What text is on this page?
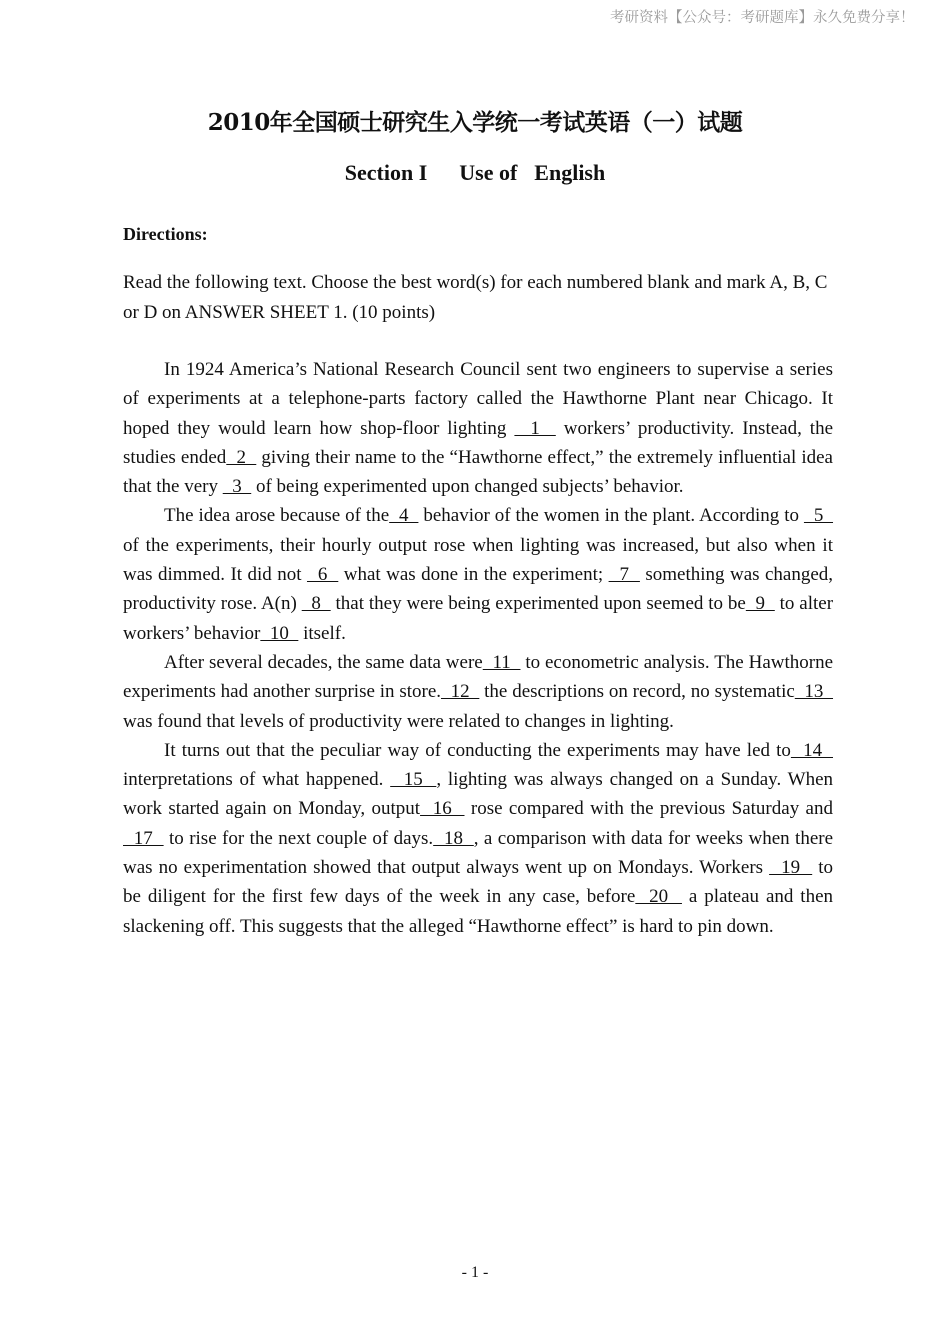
考研资料【公众号：考研题库】永久免费分享！
2010年全国硕士研究生入学统一考试英语（一）试题
Section I Use of English
Directions:
Read the following text. Choose the best word(s) for each numbered blank and mark A, B, C or D on ANSWER SHEET 1. (10 points)

In 1924 America’s National Research Council sent two engineers to supervise a series of experiments at a telephone-parts factory called the Hawthorne Plant near Chicago. It hoped they would learn how shop-floor lighting   1   workers’ productivity. Instead, the studies ended  2   giving their name to the “Hawthorne effect,” the extremely influential idea that the very   3   of being experimented upon changed subjects’ behavior.

The idea arose because of the  4   behavior of the women in the plant. According to   5   of the experiments, their hourly output rose when lighting was increased, but also when it was dimmed. It did not   6   what was done in the experiment;   7   something was changed, productivity rose. A(n)   8   that they were being experimented upon seemed to be  9   to alter workers’ behavior  10   itself.

After several decades, the same data were  11   to econometric analysis. The Hawthorne experiments had another surprise in store.  12   the descriptions on record, no systematic  13   was found that levels of productivity were related to changes in lighting.

It turns out that the peculiar way of conducting the experiments may have led to  14   interpretations of what happened.   15  , lighting was always changed on a Sunday. When work started again on Monday, output  16   rose compared with the previous Saturday and  17   to rise for the next couple of days.  18  , a comparison with data for weeks when there was no experimentation showed that output always went up on Mondays. Workers   19   to be diligent for the first few days of the week in any case, before  20   a plateau and then slackening off. This suggests that the alleged “Hawthorne effect” is hard to pin down.

- 1 -
